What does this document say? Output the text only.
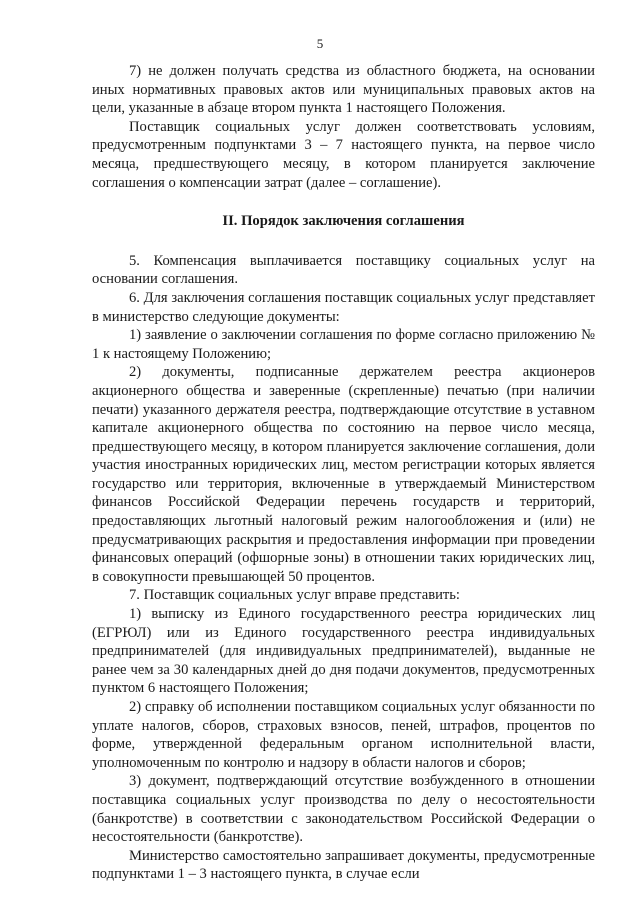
5

7) не должен получать средства из областного бюджета, на основании иных нормативных правовых актов или муниципальных правовых актов на цели, указанные в абзаце втором пункта 1 настоящего Положения.

Поставщик социальных услуг должен соответствовать условиям, предусмотренным подпунктами 3 – 7 настоящего пункта, на первое число месяца, предшествующего месяцу, в котором планируется заключение соглашения о компенсации затрат (далее – соглашение).

II. Порядок заключения соглашения

5. Компенсация выплачивается поставщику социальных услуг на основании соглашения.

6. Для заключения соглашения поставщик социальных услуг представляет в министерство следующие документы:

1) заявление о заключении соглашения по форме согласно приложению № 1 к настоящему Положению;

2) документы, подписанные держателем реестра акционеров акционерного общества и заверенные (скрепленные) печатью (при наличии печати) указанного держателя реестра, подтверждающие отсутствие в уставном капитале акционерного общества по состоянию на первое число месяца, предшествующего месяцу, в котором планируется заключение соглашения, доли участия иностранных юридических лиц, местом регистрации которых является государство или территория, включенные в утверждаемый Министерством финансов Российской Федерации перечень государств и территорий, предоставляющих льготный налоговый режим налогообложения и (или) не предусматривающих раскрытия и предоставления информации при проведении финансовых операций (офшорные зоны) в отношении таких юридических лиц, в совокупности превышающей 50 процентов.

7. Поставщик социальных услуг вправе представить:

1) выписку из Единого государственного реестра юридических лиц (ЕГРЮЛ) или из Единого государственного реестра индивидуальных предпринимателей (для индивидуальных предпринимателей), выданные не ранее чем за 30 календарных дней до дня подачи документов, предусмотренных пунктом 6 настоящего Положения;

2) справку об исполнении поставщиком социальных услуг обязанности по уплате налогов, сборов, страховых взносов, пеней, штрафов, процентов по форме, утвержденной федеральным органом исполнительной власти, уполномоченным по контролю и надзору в области налогов и сборов;

3) документ, подтверждающий отсутствие возбужденного в отношении поставщика социальных услуг производства по делу о несостоятельности (банкротстве) в соответствии с законодательством Российской Федерации о несостоятельности (банкротстве).

Министерство самостоятельно запрашивает документы, предусмотренные подпунктами 1 – 3 настоящего пункта, в случае если
